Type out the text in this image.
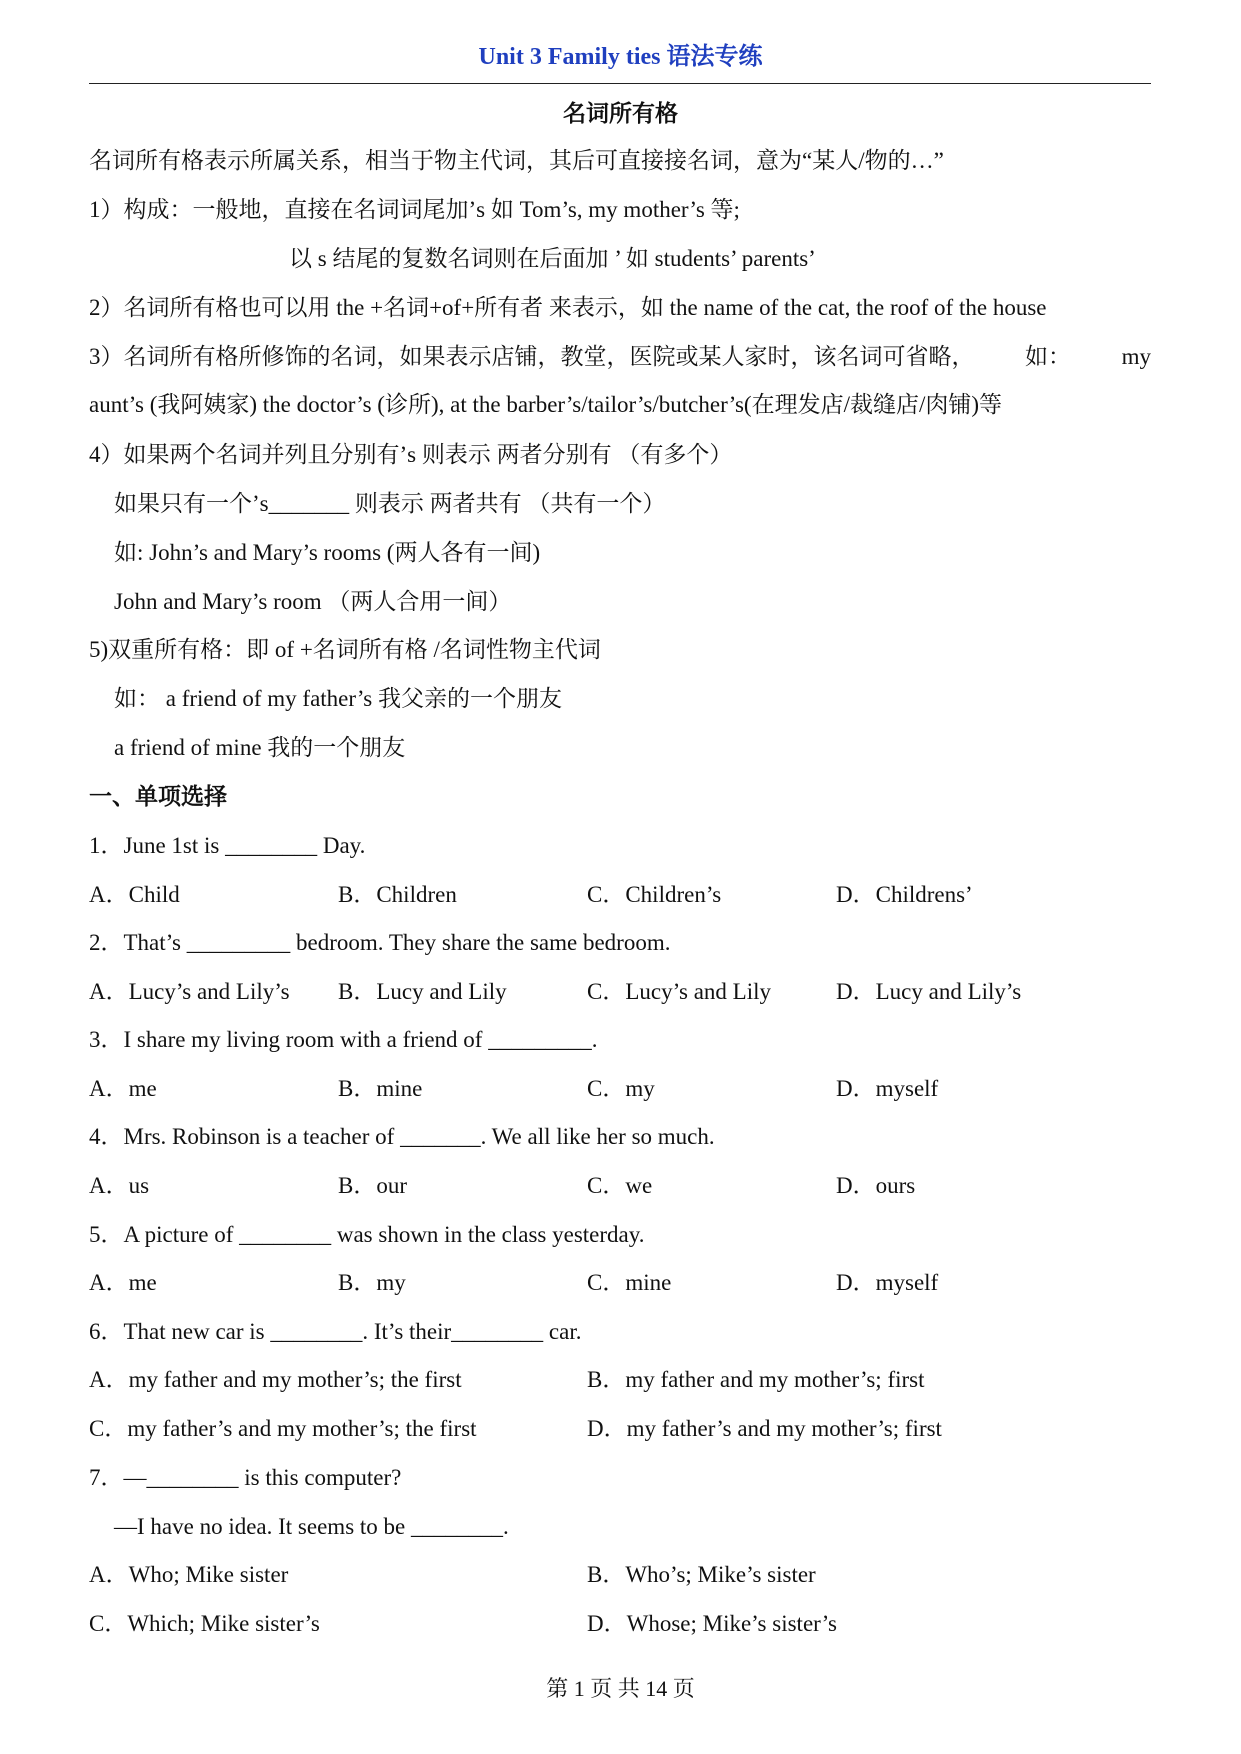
Unit 3 Family ties 语法专练
名词所有格
名词所有格表示所属关系，相当于物主代词，其后可直接接名词，意为“某人/物的…”
1）构成：一般地，直接在名词词尾加’s 如 Tom’s, my mother’s 等;
以 s 结尾的复数名词则在后面加 ’ 如 students’ parents’
2）名词所有格也可以用 the +名词+of+所有者 来表示，如 the name of the cat, the roof of the house
3）名词所有格所修饰的名词，如果表示店铺，教堂，医院或某人家时，该名词可省略， 如： my
aunt’s (我阿姨家) the doctor’s (诊所), at the barber’s/tailor’s/butcher’s(在理发店/裁缝店/肉铺)等
4）如果两个名词并列且分别有’s 则表示 两者分别有 （有多个）
如果只有一个’s_______ 则表示 两者共有 （共有一个）
如: John’s and Mary’s rooms (两人各有一间)
John and Mary’s room （两人合用一间）
5)双重所有格：即 of +名词所有格 /名词性物主代词
如： a friend of my father’s 我父亲的一个朋友
a friend of mine 我的一个朋友
一、单项选择
1．June 1st is ________ Day.
A．Child	B．Children	C．Children’s	D．Childrens’
2．That’s _________ bedroom. They share the same bedroom.
A．Lucy’s and Lily’s B．Lucy and Lily	C．Lucy’s and Lily	D．Lucy and Lily’s
3．I share my living room with a friend of _________.
A．me	B．mine	C．my	D．myself
4．Mrs. Robinson is a teacher of _______. We all like her so much.
A．us	B．our	C．we	D．ours
5．A picture of ________ was shown in the class yesterday.
A．me	B．my	C．mine	D．myself
6．That new car is ________. It’s their________ car.
A．my father and my mother’s; the first	B．my father and my mother’s; first
C．my father’s and my mother’s; the first	D．my father’s and my mother’s; first
7．—________ is this computer?
—I have no idea. It seems to be ________.
A．Who; Mike sister	B．Who’s; Mike’s sister
C．Which; Mike sister’s	D．Whose; Mike’s sister’s
第 1 页 共 14 页
